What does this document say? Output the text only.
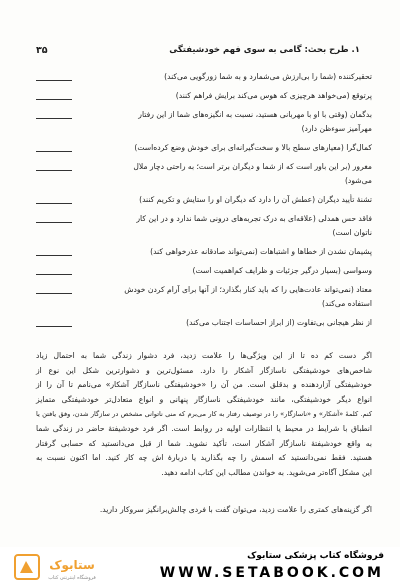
۱. طرح بحث: گامی به سوی فهم خودشیفتگی
۳۵
تحقیرکننده (شما را بی‌ارزش می‌شمارد و به شما زورگویی می‌کند)
پرتوقع (می‌خواهد هرچیزی که هوس می‌کند برایش فراهم کنند)
بدگمان (وقتی با او با مهربانی هستید، نسبت به انگیزه‌های شما از این رفتار
مهرآمیز سوءظن دارد)
کمال‌گرا (معیارهای سطح بالا و سخت‌گیرانه‌ای برای خودش وضع کرده‌است)
مغرور (بر این باور است که از شما و دیگران برتر است؛ به راحتی دچار ملال
می‌شود)
تشنهٔ تأیید دیگران (عطش آن را دارد که دیگران او را ستایش و تکریم کنند)
فاقد حس همدلی (علاقه‌ای به درک تجربه‌های درونی شما ندارد و در این کار
ناتوان است)
پشیمان نشدن از خطاها و اشتباهات (نمی‌تواند صادقانه عذرخواهی کند)
وسواسی (بسیار درگیر جزئیات و ظرایف کم‌اهمیت است)
معتاد (نمی‌تواند عادت‌هایی را که باید کنار بگذارد؛ از آنها برای آرام کردن خودش
استفاده می‌کند)
از نظر هیجانی بی‌تفاوت (از ابراز احساسات اجتناب می‌کند)
اگر دست کم ده تا از این ویژگی‌ها را علامت زدید، فرد دشوار زندگی شما به احتمال زیاد
شاخص‌های خودشیفتگی ناسازگار آشکار را دارد. مسئول‌ترین و دشوارترین شکل این نوع از
خودشیفتگی آزاردهنده و بدقلق است. من آن را «خودشیفتگی ناسازگار آشکار» می‌نامم تا آن را از
انواع دیگر خودشیفتگی، مانند خودشیفتگی ناسازگار پنهانی و انواع متعادل‌تر خودشیفتگی متمایز
کنم. کلمهٔ «آشکار» و «ناسازگار» را در توصیف رفتار به کار می‌برم که منی ناتوانی مشخص در سازگار شدن، وفق یافتن یا
انطباق با شرایط در محیط یا انتظارات اولیه در روابط است. اگر فرد خودشیفتهٔ حاضر در زندگی شما
به واقع خودشیفتهٔ ناسازگار آشکار است، تأکید نشوید. شما از قبل می‌دانستید که حسابی گرفتار
هستید. فقط نمی‌دانستید که اسمش را چه بگذارید یا دربارهٔ اش چه کار کنید. اما اکنون نسبت به
این مشکل آگاه‌تر می‌شوید. به خواندن مطالب این کتاب ادامه دهید.
اگر گزینه‌های کمتری را علامت زدید، می‌توان گفت با فردی چالش‌برانگیز سروکار دارید.
ستابوک
فروشگاه اینترنتی کتاب
فروشگاه کتاب پزشکی ستابوک
WWW.SETABOOK.COM
